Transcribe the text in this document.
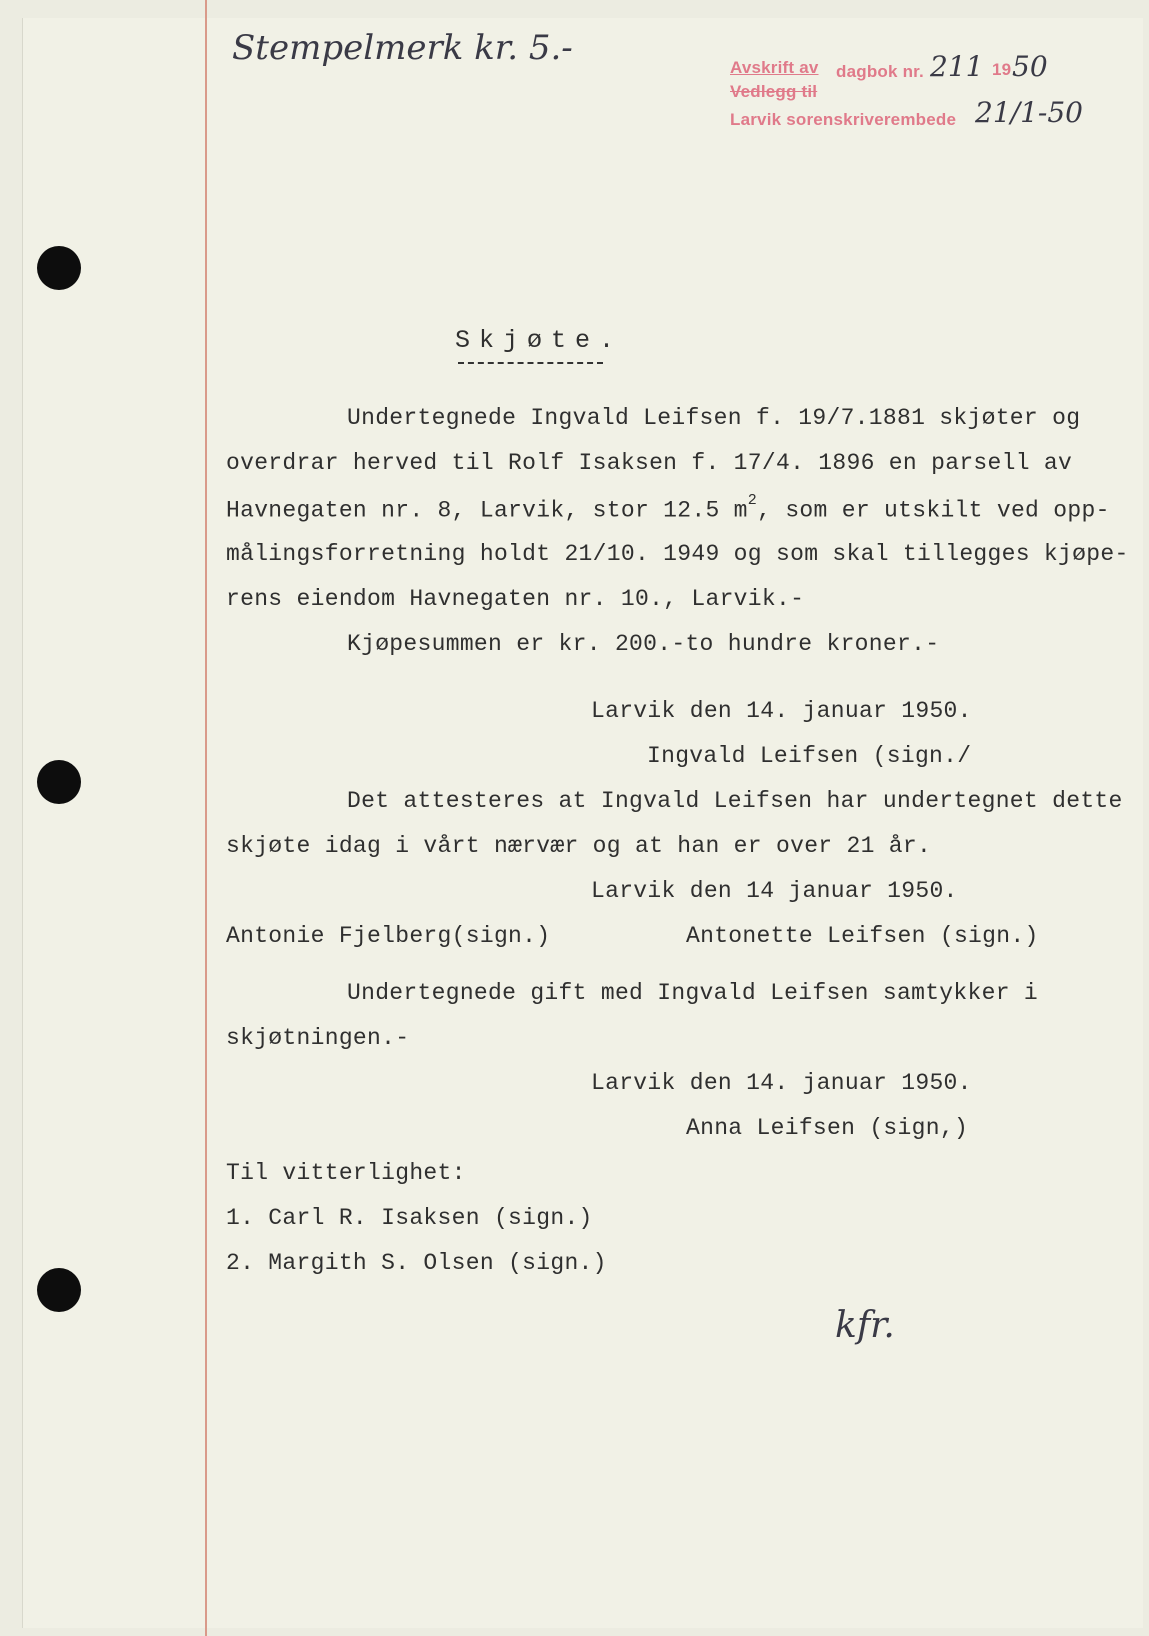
Stempelmerk kr. 5.-	Avskrift av dagbok nr. 211 19 50
Vedlegg til
Larvik sorenskriverembede 21/1-50
Skjøte.
Undertegnede Ingvald Leifsen f. 19/7.1881 skjøter og
overdrar herved til Rolf Isaksen f. 17/4. 1896 en parsell av
Havnegaten nr. 8, Larvik, stor 12.5 $m^2$, som er utskilt ved opp-
målingsforretning holdt 21/10. 1949 og som skal tillegges kjøpe-
rens eiendom Havnegaten nr. 10., Larvik.-
Kjøpesummen er kr. 200.-to hundre kroner.-
Larvik den 14. januar 1950.
Ingvald Leifsen (sign./
Det attesteres at Ingvald Leifsen har undertegnet dette
skjøte idag i vårt nærvær og at han er over 21 år.
Larvik den 14 januar 1950.
Antonie Fjelberg(sign.)	Antonette Leifsen (sign.)
Undertegnede gift med Ingvald Leifsen samtykker i
skjøtningen.-
Larvik den 14. januar 1950.
Anna Leifsen (sign,)
Til vitterlighet:
1. Carl R. Isaksen (sign.)
2. Margith S. Olsen (sign.)
kfr.
